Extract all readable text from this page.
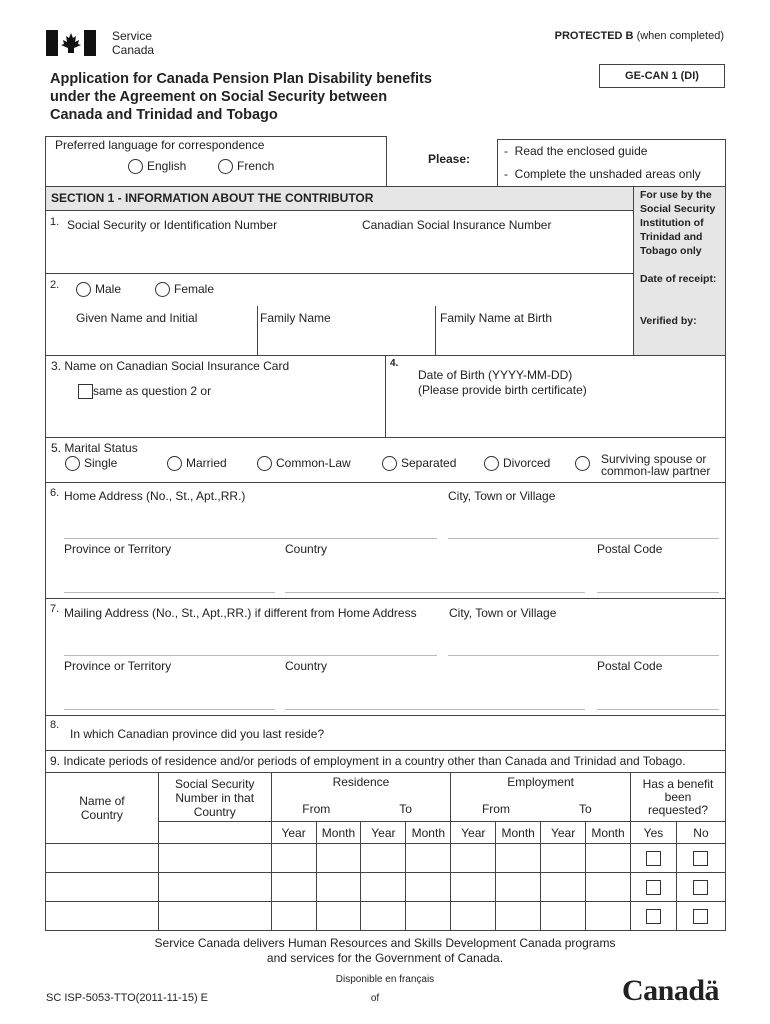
Service
Canada
PROTECTED B (when completed)
GE-CAN 1 (DI)
Application for Canada Pension Plan Disability benefits
under the Agreement on Social Security between
Canada and Trinidad and Tobago
Preferred language for correspondence
English	French	Please:
-  Read the enclosed guide
-  Complete the unshaded areas only
SECTION 1 - INFORMATION ABOUT THE CONTRIBUTOR	For use by the Social Security Institution of Trinidad and Tobago only
Date of receipt:
Verified by:
1. Social Security or Identification Number	Canadian Social Insurance Number
2.	Male	Female
Given Name and Initial	Family Name	Family Name at Birth
3. Name on Canadian Social Insurance Card
same as question 2 or
4.
Date of Birth (YYYY-MM-DD)
(Please provide birth certificate)
5. Marital Status
Single	Married	Common-Law	Separated	Divorced	Surviving spouse or
common-law partner
6. Home Address (No., St., Apt.,RR.)	City, Town or Village
Province or Territory	Country	Postal Code
7. Mailing Address (No., St., Apt.,RR.) if different from Home Address	City, Town or Village
Province or Territory	Country	Postal Code
8.
In which Canadian province did you last reside?
9. Indicate periods of residence and/or periods of employment in a country other than Canada and Trinidad and Tobago.
Name of Country	Social Security Number in that Country	Residence				Employment				Has a benefit been requested?	
		From		To		From		To			
		Year	Month	Year	Month	Year	Month	Year	Month	Yes	No

Service Canada delivers Human Resources and Skills Development Canada programs
and services for the Government of Canada.
Disponible en français
of
SC ISP-5053-TTO(2011-11-15) E	Canadä
